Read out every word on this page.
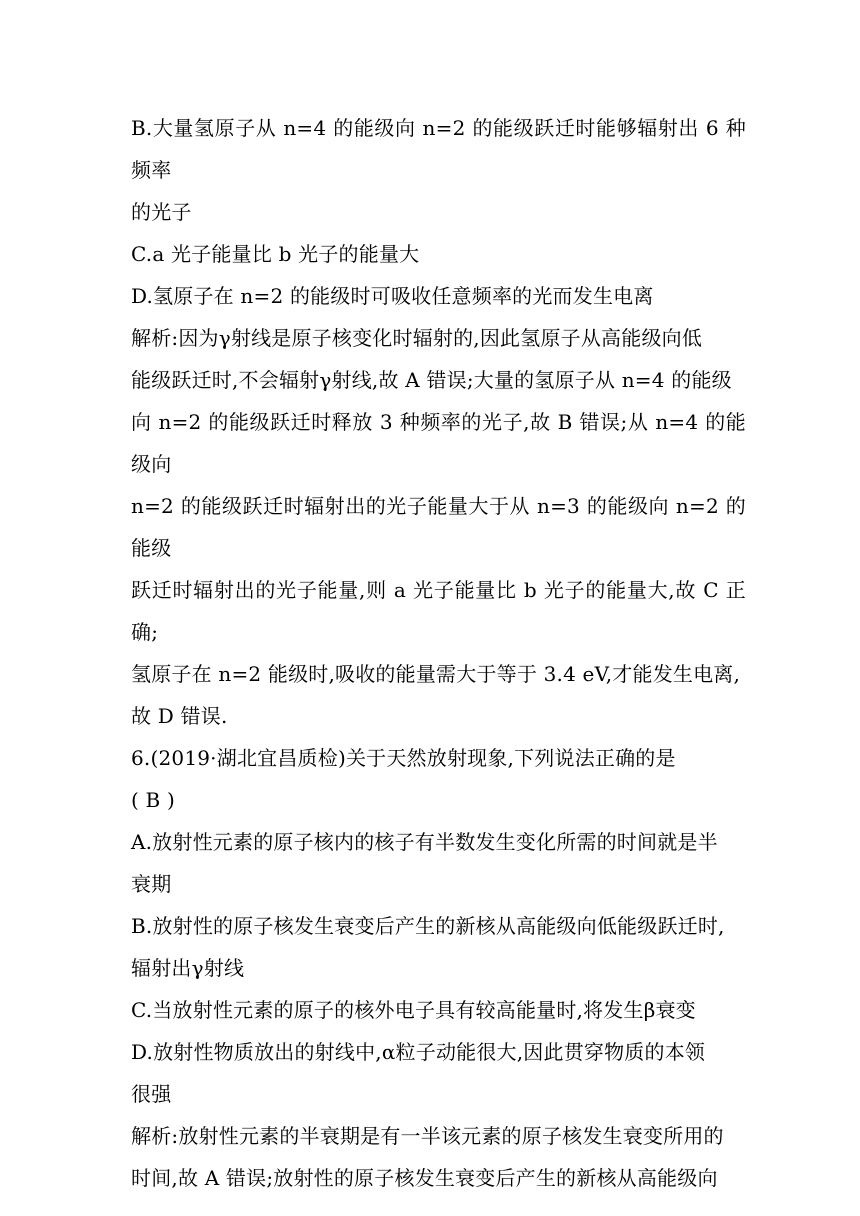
B.大量氢原子从 n=4 的能级向 n=2 的能级跃迁时能够辐射出 6 种频率

的光子

C.a 光子能量比 b 光子的能量大

D.氢原子在 n=2 的能级时可吸收任意频率的光而发生电离

解析:因为γ射线是原子核变化时辐射的,因此氢原子从高能级向低

能级跃迁时,不会辐射γ射线,故 A 错误;大量的氢原子从 n=4 的能级

向 n=2 的能级跃迁时释放 3 种频率的光子,故 B 错误;从 n=4 的能级向

n=2 的能级跃迁时辐射出的光子能量大于从 n=3 的能级向 n=2 的能级

跃迁时辐射出的光子能量,则 a 光子能量比 b 光子的能量大,故 C 正确;

氢原子在 n=2 能级时,吸收的能量需大于等于 3.4 eV,才能发生电离,

故 D 错误.

6.(2019·湖北宜昌质检)关于天然放射现象,下列说法正确的是

( B )

A.放射性元素的原子核内的核子有半数发生变化所需的时间就是半

衰期

B.放射性的原子核发生衰变后产生的新核从高能级向低能级跃迁时,

辐射出γ射线

C.当放射性元素的原子的核外电子具有较高能量时,将发生β衰变

D.放射性物质放出的射线中,α粒子动能很大,因此贯穿物质的本领

很强

解析:放射性元素的半衰期是有一半该元素的原子核发生衰变所用的

时间,故 A 错误;放射性的原子核发生衰变后产生的新核从高能级向
